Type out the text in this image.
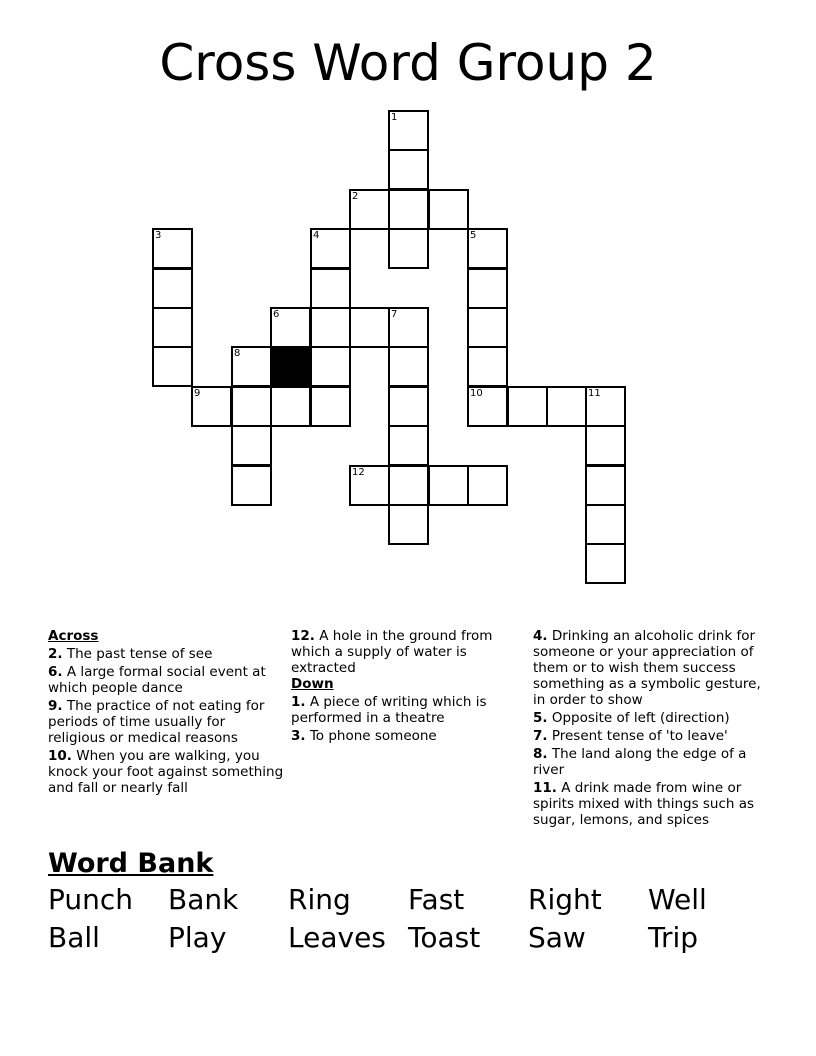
Cross Word Group 2
1
2
3	4	5
6	7
8
9	10	11
12
Across
2. The past tense of see
6. A large formal social event at which people dance
9. The practice of not eating for periods of time usually for religious or medical reasons
10. When you are walking, you knock your foot against something and fall or nearly fall
12. A hole in the ground from which a supply of water is extracted
Down
1. A piece of writing which is performed in a theatre
3. To phone someone
4. Drinking an alcoholic drink for someone or your appreciation of them or to wish them success something as a symbolic gesture, in order to show
5. Opposite of left (direction)
7. Present tense of 'to leave'
8. The land along the edge of a river
11. A drink made from wine or spirits mixed with things such as sugar, lemons, and spices
Word Bank
Punch Bank Ring Fast Right Well
Ball Play Leaves Toast Saw Trip
